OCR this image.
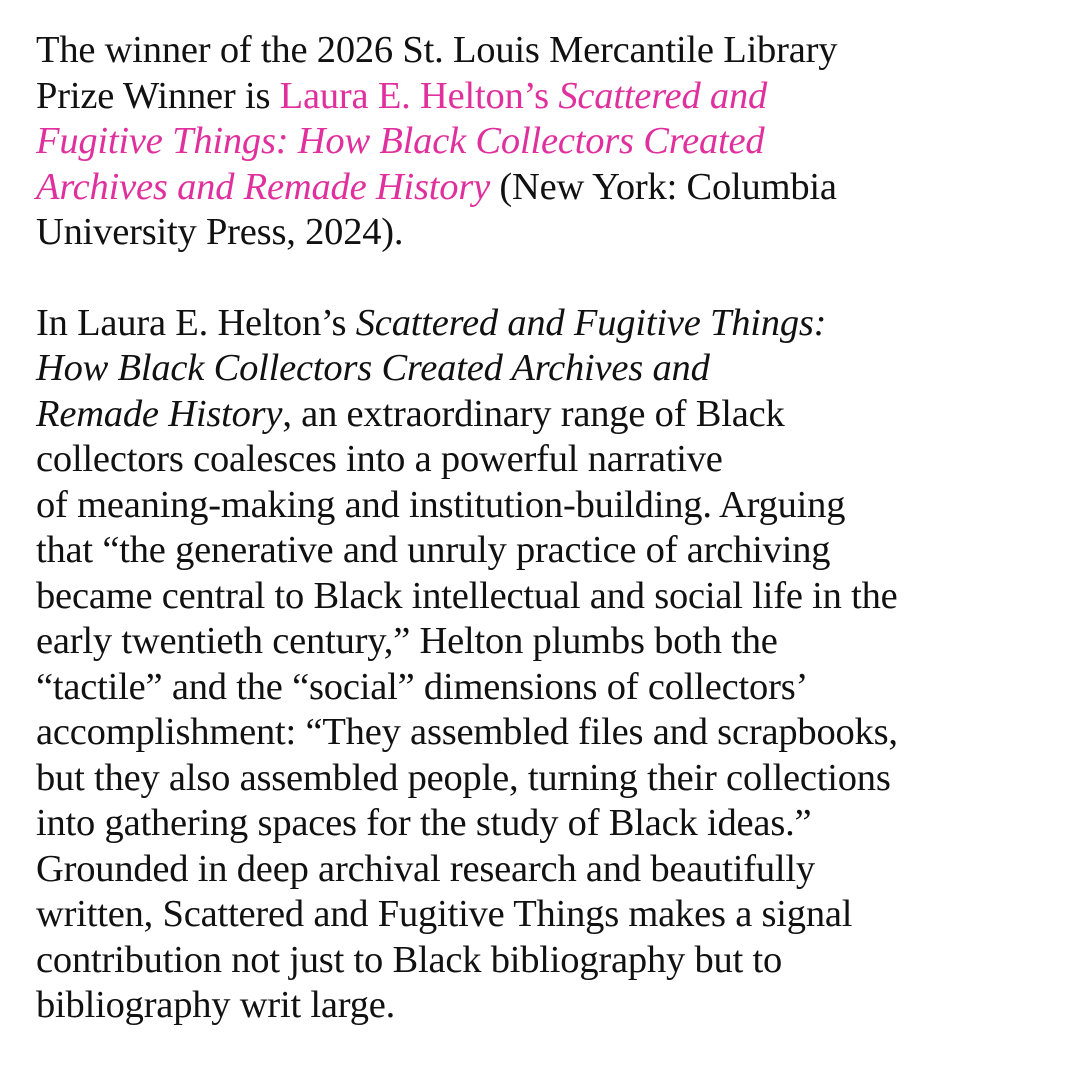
The winner of the 2026 St. Louis Mercantile Library
Prize Winner is Laura E. Helton’s Scattered and
Fugitive Things: How Black Collectors Created
Archives and Remade History (New York: Columbia
University Press, 2024).

In Laura E. Helton’s Scattered and Fugitive Things:
How Black Collectors Created Archives and
Remade History, an extraordinary range of Black
collectors coalesces into a powerful narrative
of meaning-making and institution-building. Arguing
that “the generative and unruly practice of archiving
became central to Black intellectual and social life in the
early twentieth century,” Helton plumbs both the
“tactile” and the “social” dimensions of collectors’
accomplishment: “They assembled files and scrapbooks,
but they also assembled people, turning their collections
into gathering spaces for the study of Black ideas.”
Grounded in deep archival research and beautifully
written, Scattered and Fugitive Things makes a signal
contribution not just to Black bibliography but to
bibliography writ large.
